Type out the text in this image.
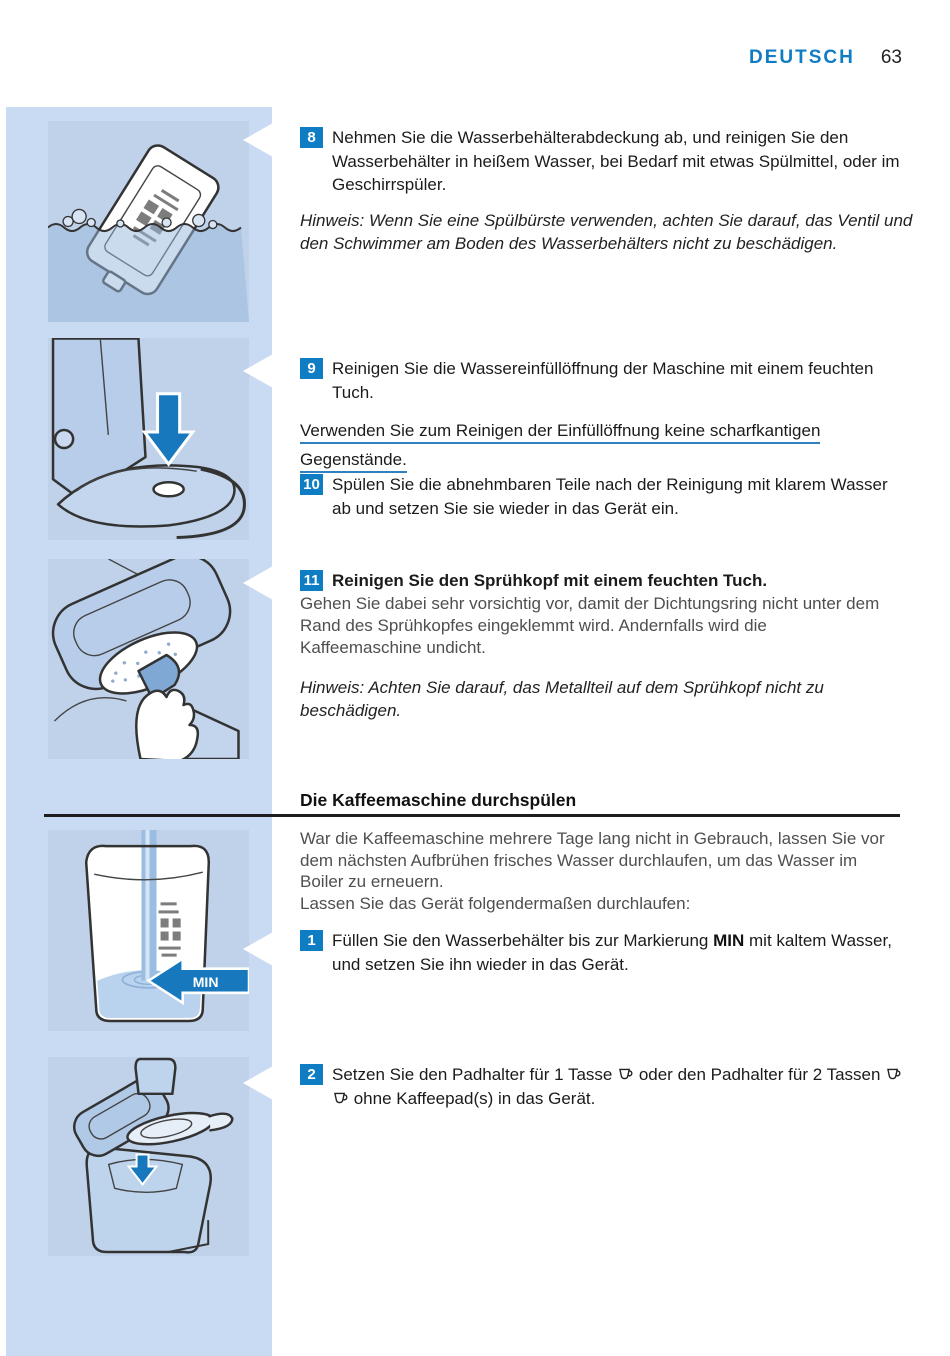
DEUTSCH 63
MIN
8 Nehmen Sie die Wasserbehälterabdeckung ab, und reinigen Sie den Wasserbehälter in heißem Wasser, bei Bedarf mit etwas Spülmittel, oder im Geschirrspüler.
Hinweis: Wenn Sie eine Spülbürste verwenden, achten Sie darauf, das Ventil und den Schwimmer am Boden des Wasserbehälters nicht zu beschädigen.
9 Reinigen Sie die Wassereinfüllöffnung der Maschine mit einem feuchten Tuch.
Verwenden Sie zum Reinigen der Einfüllöffnung keine scharfkantigen
Gegenstände.
10 Spülen Sie die abnehmbaren Teile nach der Reinigung mit klarem Wasser ab und setzen Sie sie wieder in das Gerät ein.
11 Reinigen Sie den Sprühkopf mit einem feuchten Tuch.
Gehen Sie dabei sehr vorsichtig vor, damit der Dichtungsring nicht unter dem Rand des Sprühkopfes eingeklemmt wird. Andernfalls wird die Kaffeemaschine undicht.
Hinweis: Achten Sie darauf, das Metallteil auf dem Sprühkopf nicht zu beschädigen.
Die Kaffeemaschine durchspülen
War die Kaffeemaschine mehrere Tage lang nicht in Gebrauch, lassen Sie vor dem nächsten Aufbrühen frisches Wasser durchlaufen, um das Wasser im Boiler zu erneuern.
Lassen Sie das Gerät folgendermaßen durchlaufen:
1 Füllen Sie den Wasserbehälter bis zur Markierung MIN mit kaltem Wasser, und setzen Sie ihn wieder in das Gerät.
2 Setzen Sie den Padhalter für 1 Tasse  oder den Padhalter für 2 Tassen  ohne Kaffeepad(s) in das Gerät.
